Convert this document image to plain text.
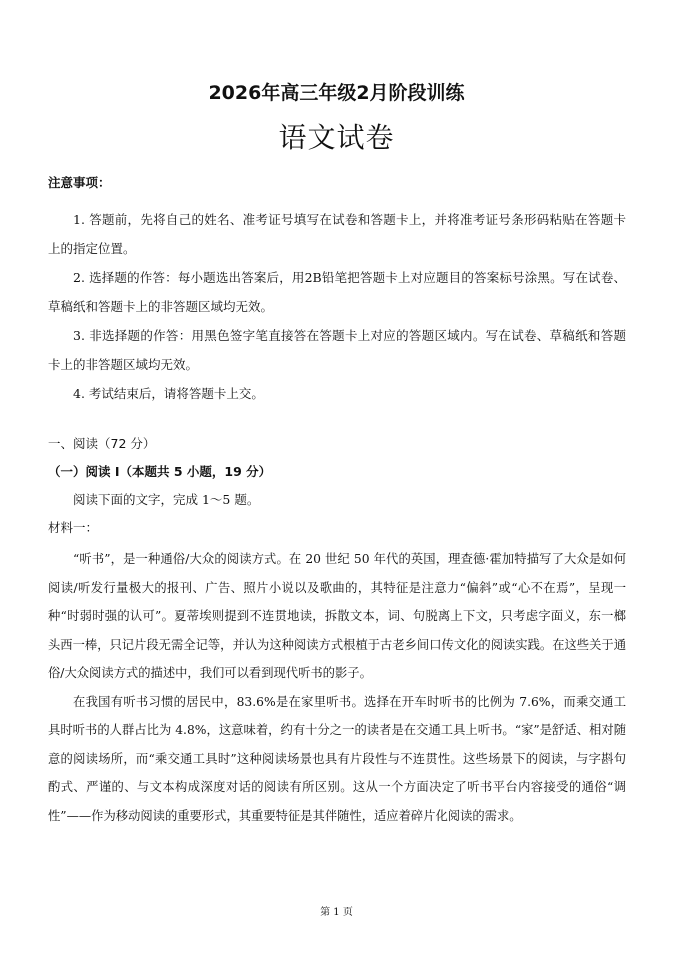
2026年高三年级2月阶段训练
语文试卷
注意事项：

1. 答题前，先将自己的姓名、准考证号填写在试卷和答题卡上，并将准考证号条形码粘贴在答题卡上的指定位置。

2. 选择题的作答：每小题选出答案后，用2B铅笔把答题卡上对应题目的答案标号涂黑。写在试卷、草稿纸和答题卡上的非答题区域均无效。

3. 非选择题的作答：用黑色签字笔直接答在答题卡上对应的答题区域内。写在试卷、草稿纸和答题卡上的非答题区域均无效。

4. 考试结束后，请将答题卡上交。

一、阅读（72 分）
（一）阅读 I（本题共 5 小题，19 分）
阅读下面的文字，完成 1～5 题。
材料一：

“听书”，是一种通俗/大众的阅读方式。在 20 世纪 50 年代的英国，理查德·霍加特描写了大众是如何阅读/听发行量极大的报刊、广告、照片小说以及歌曲的，其特征是注意力“偏斜”或“心不在焉”，呈现一种“时弱时强的认可”。夏蒂埃则提到不连贯地读，拆散文本，词、句脱离上下文，只考虑字面义，东一榔头西一棒，只记片段无需全记等，并认为这种阅读方式根植于古老乡间口传文化的阅读实践。在这些关于通俗/大众阅读方式的描述中，我们可以看到现代听书的影子。

在我国有听书习惯的居民中，83.6%是在家里听书。选择在开车时听书的比例为 7.6%，而乘交通工具时听书的人群占比为 4.8%，这意味着，约有十分之一的读者是在交通工具上听书。“家”是舒适、相对随意的阅读场所，而“乘交通工具时”这种阅读场景也具有片段性与不连贯性。这些场景下的阅读，与字斟句酌式、严谨的、与文本构成深度对话的阅读有所区别。这从一个方面决定了听书平台内容接受的通俗“调性”——作为移动阅读的重要形式，其重要特征是其伴随性，适应着碎片化阅读的需求。

第 1 页
